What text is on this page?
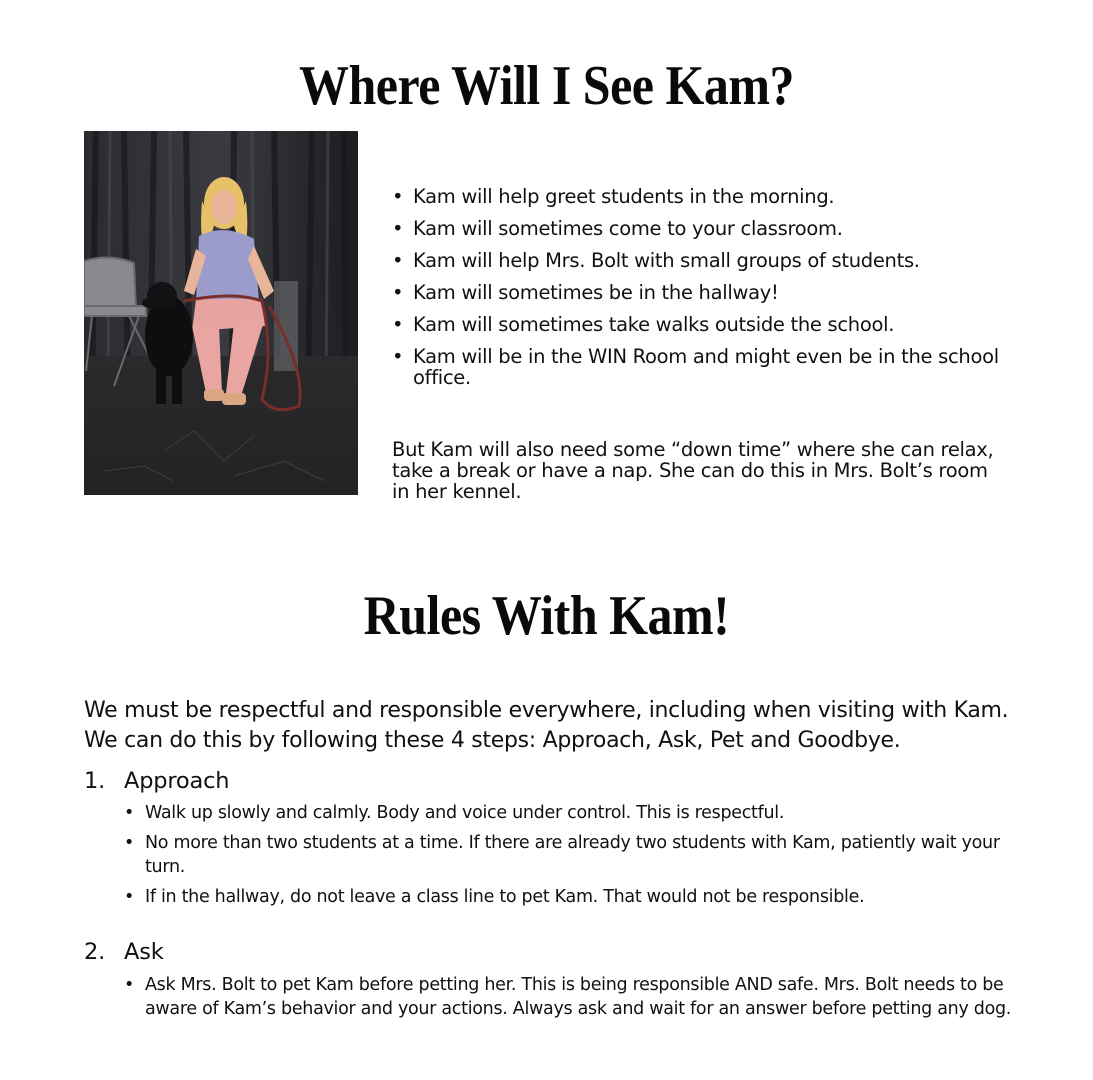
Where Will I See Kam?
• Kam will help greet students in the morning.
• Kam will sometimes come to your classroom.
• Kam will help Mrs. Bolt with small groups of students.
• Kam will sometimes be in the hallway!
• Kam will sometimes take walks outside the school.
• Kam will be in the WIN Room and might even be in the school office.

But Kam will also need some “down time” where she can relax, take a break or have a nap. She can do this in Mrs. Bolt’s room in her kennel.

Rules With Kam!

We must be respectful and responsible everywhere, including when visiting with Kam. We can do this by following these 4 steps: Approach, Ask, Pet and Goodbye.

1. Approach
• Walk up slowly and calmly. Body and voice under control. This is respectful.
• No more than two students at a time. If there are already two students with Kam, patiently wait your turn.
• If in the hallway, do not leave a class line to pet Kam. That would not be responsible.
2. Ask
• Ask Mrs. Bolt to pet Kam before petting her. This is being responsible AND safe. Mrs. Bolt needs to be aware of Kam’s behavior and your actions. Always ask and wait for an answer before petting any dog.
